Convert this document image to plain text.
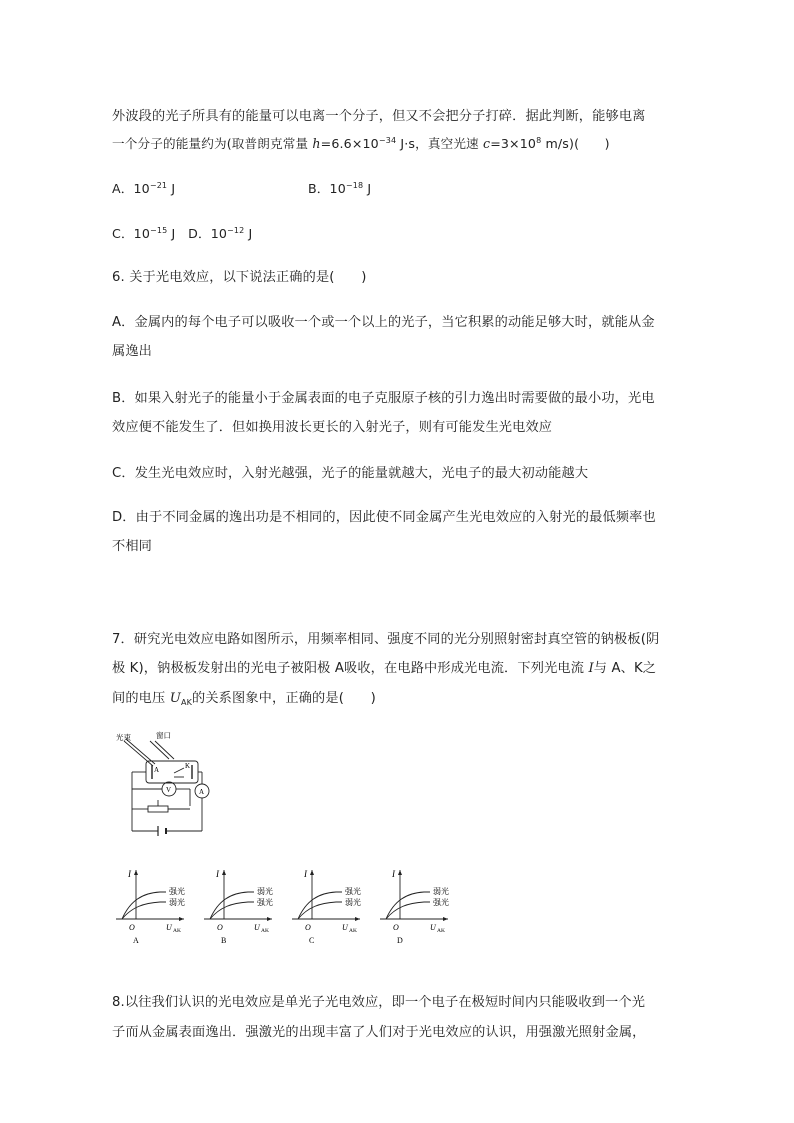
外波段的光子所具有的能量可以电离一个分子，但又不会把分子打碎．据此判断，能够电离
一个分子的能量约为(取普朗克常量 $h=6.6\times 10^{-34}$ J·s，真空光速 $c=3\times 10^8$ m/s)(　　)
A．$10^{-21}$ J	B．$10^{-18}$ J
C．$10^{-15}$ J　D．$10^{-12}$ J
6. 关于光电效应，以下说法正确的是(　　)
A．金属内的每个电子可以吸收一个或一个以上的光子，当它积累的动能足够大时，就能从金
属逸出
B．如果入射光子的能量小于金属表面的电子克服原子核的引力逸出时需要做的最小功，光电
效应便不能发生了．但如换用波长更长的入射光子，则有可能发生光电效应
C．发生光电效应时，入射光越强，光子的能量就越大，光电子的最大初动能越大
D．由于不同金属的逸出功是不相同的，因此使不同金属产生光电效应的入射光的最低频率也
不相同
7．研究光电效应电路如图所示，用频率相同、强度不同的光分别照射密封真空管的钠极板(阴
极 K)，钠极板发射出的光电子被阳极 A吸收，在电路中形成光电流．下列光电流 I与 A、K之
间的电压 $U_{AK}$的关系图象中，正确的是(　　)
光束	窗口
A	K
V	A
强光
弱光
I
O	U AK
A
弱光
强光
I
O	U AK
B
强光
弱光
I
O	U AK
C
弱光
强光
I
O	U AK
D
8.以往我们认识的光电效应是单光子光电效应，即一个电子在极短时间内只能吸收到一个光
子而从金属表面逸出．强激光的出现丰富了人们对于光电效应的认识，用强激光照射金属，
